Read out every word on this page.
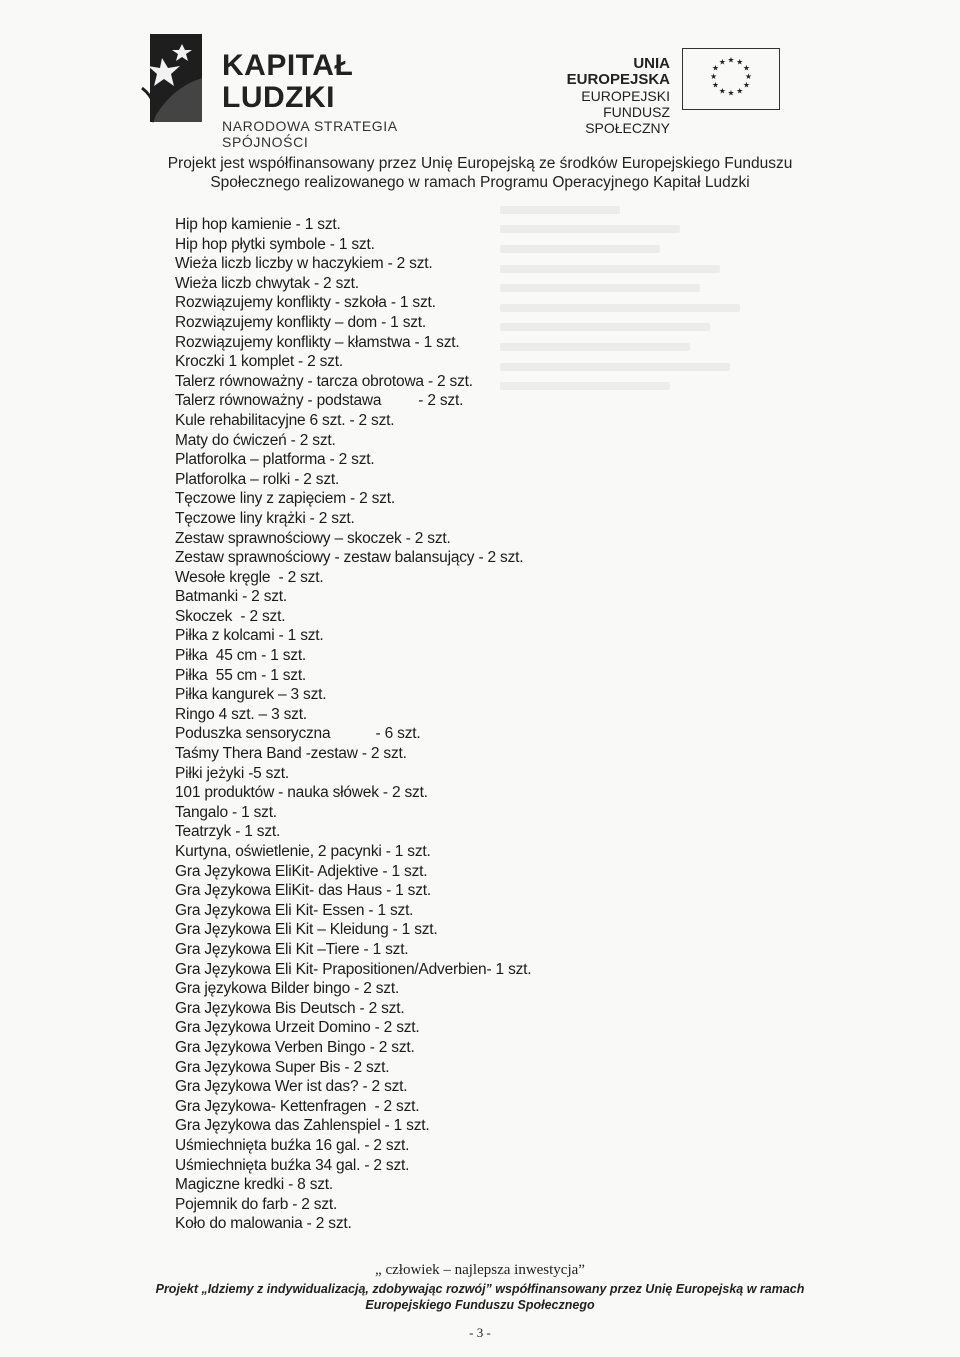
KAPITAŁ LUDZKI
NARODOWA STRATEGIA SPÓJNOŚCI
UNIA EUROPEJSKA
EUROPEJSKI
FUNDUSZ SPOŁECZNY
★ ★
★
★
★
★
★
★
★
★
★
★
Projekt jest współfinansowany przez Unię Europejską ze środków Europejskiego Funduszu
Społecznego realizowanego w ramach Programu Operacyjnego Kapitał Ludzki
Hip hop kamienie - 1 szt.
Hip hop płytki symbole - 1 szt.
Wieża liczb liczby w haczykiem - 2 szt.
Wieża liczb chwytak - 2 szt.
Rozwiązujemy konflikty - szkoła - 1 szt.
Rozwiązujemy konflikty – dom - 1 szt.
Rozwiązujemy konflikty – kłamstwa - 1 szt.
Kroczki 1 komplet - 2 szt.
Talerz równoważny - tarcza obrotowa - 2 szt.
Talerz równoważny - podstawa         - 2 szt.
Kule rehabilitacyjne 6 szt. - 2 szt.
Maty do ćwiczeń - 2 szt.
Platforolka – platforma - 2 szt.
Platforolka – rolki - 2 szt.
Tęczowe liny z zapięciem - 2 szt.
Tęczowe liny krążki - 2 szt.
Zestaw sprawnościowy – skoczek - 2 szt.
Zestaw sprawnościowy - zestaw balansujący - 2 szt.
Wesołe kręgle  - 2 szt.
Batmanki - 2 szt.
Skoczek  - 2 szt.
Piłka z kolcami - 1 szt.
Piłka  45 cm - 1 szt.
Piłka  55 cm - 1 szt.
Piłka kangurek – 3 szt.
Ringo 4 szt. – 3 szt.
Poduszka sensoryczna           - 6 szt.
Taśmy Thera Band -zestaw - 2 szt.
Piłki jeżyki -5 szt.
101 produktów - nauka słówek - 2 szt.
Tangalo - 1 szt.
Teatrzyk - 1 szt.
Kurtyna, oświetlenie, 2 pacynki - 1 szt.
Gra Językowa EliKit- Adjektive - 1 szt.
Gra Językowa EliKit- das Haus - 1 szt.
Gra Językowa Eli Kit- Essen - 1 szt.
Gra Językowa Eli Kit – Kleidung - 1 szt.
Gra Językowa Eli Kit –Tiere - 1 szt.
Gra Językowa Eli Kit- Prapositionen/Adverbien- 1 szt.
Gra językowa Bilder bingo - 2 szt.
Gra Językowa Bis Deutsch - 2 szt.
Gra Językowa Urzeit Domino - 2 szt.
Gra Językowa Verben Bingo - 2 szt.
Gra Językowa Super Bis - 2 szt.
Gra Językowa Wer ist das? - 2 szt.
Gra Językowa- Kettenfragen  - 2 szt.
Gra Językowa das Zahlenspiel - 1 szt.
Uśmiechnięta buźka 16 gal. - 2 szt.
Uśmiechnięta buźka 34 gal. - 2 szt.
Magiczne kredki - 8 szt.
Pojemnik do farb - 2 szt.
Koło do malowania - 2 szt.
„ człowiek – najlepsza inwestycja”
Projekt „Idziemy z indywidualizacją, zdobywając rozwój” współfinansowany przez Unię Europejską w ramach
Europejskiego Funduszu Społecznego
- 3 -
